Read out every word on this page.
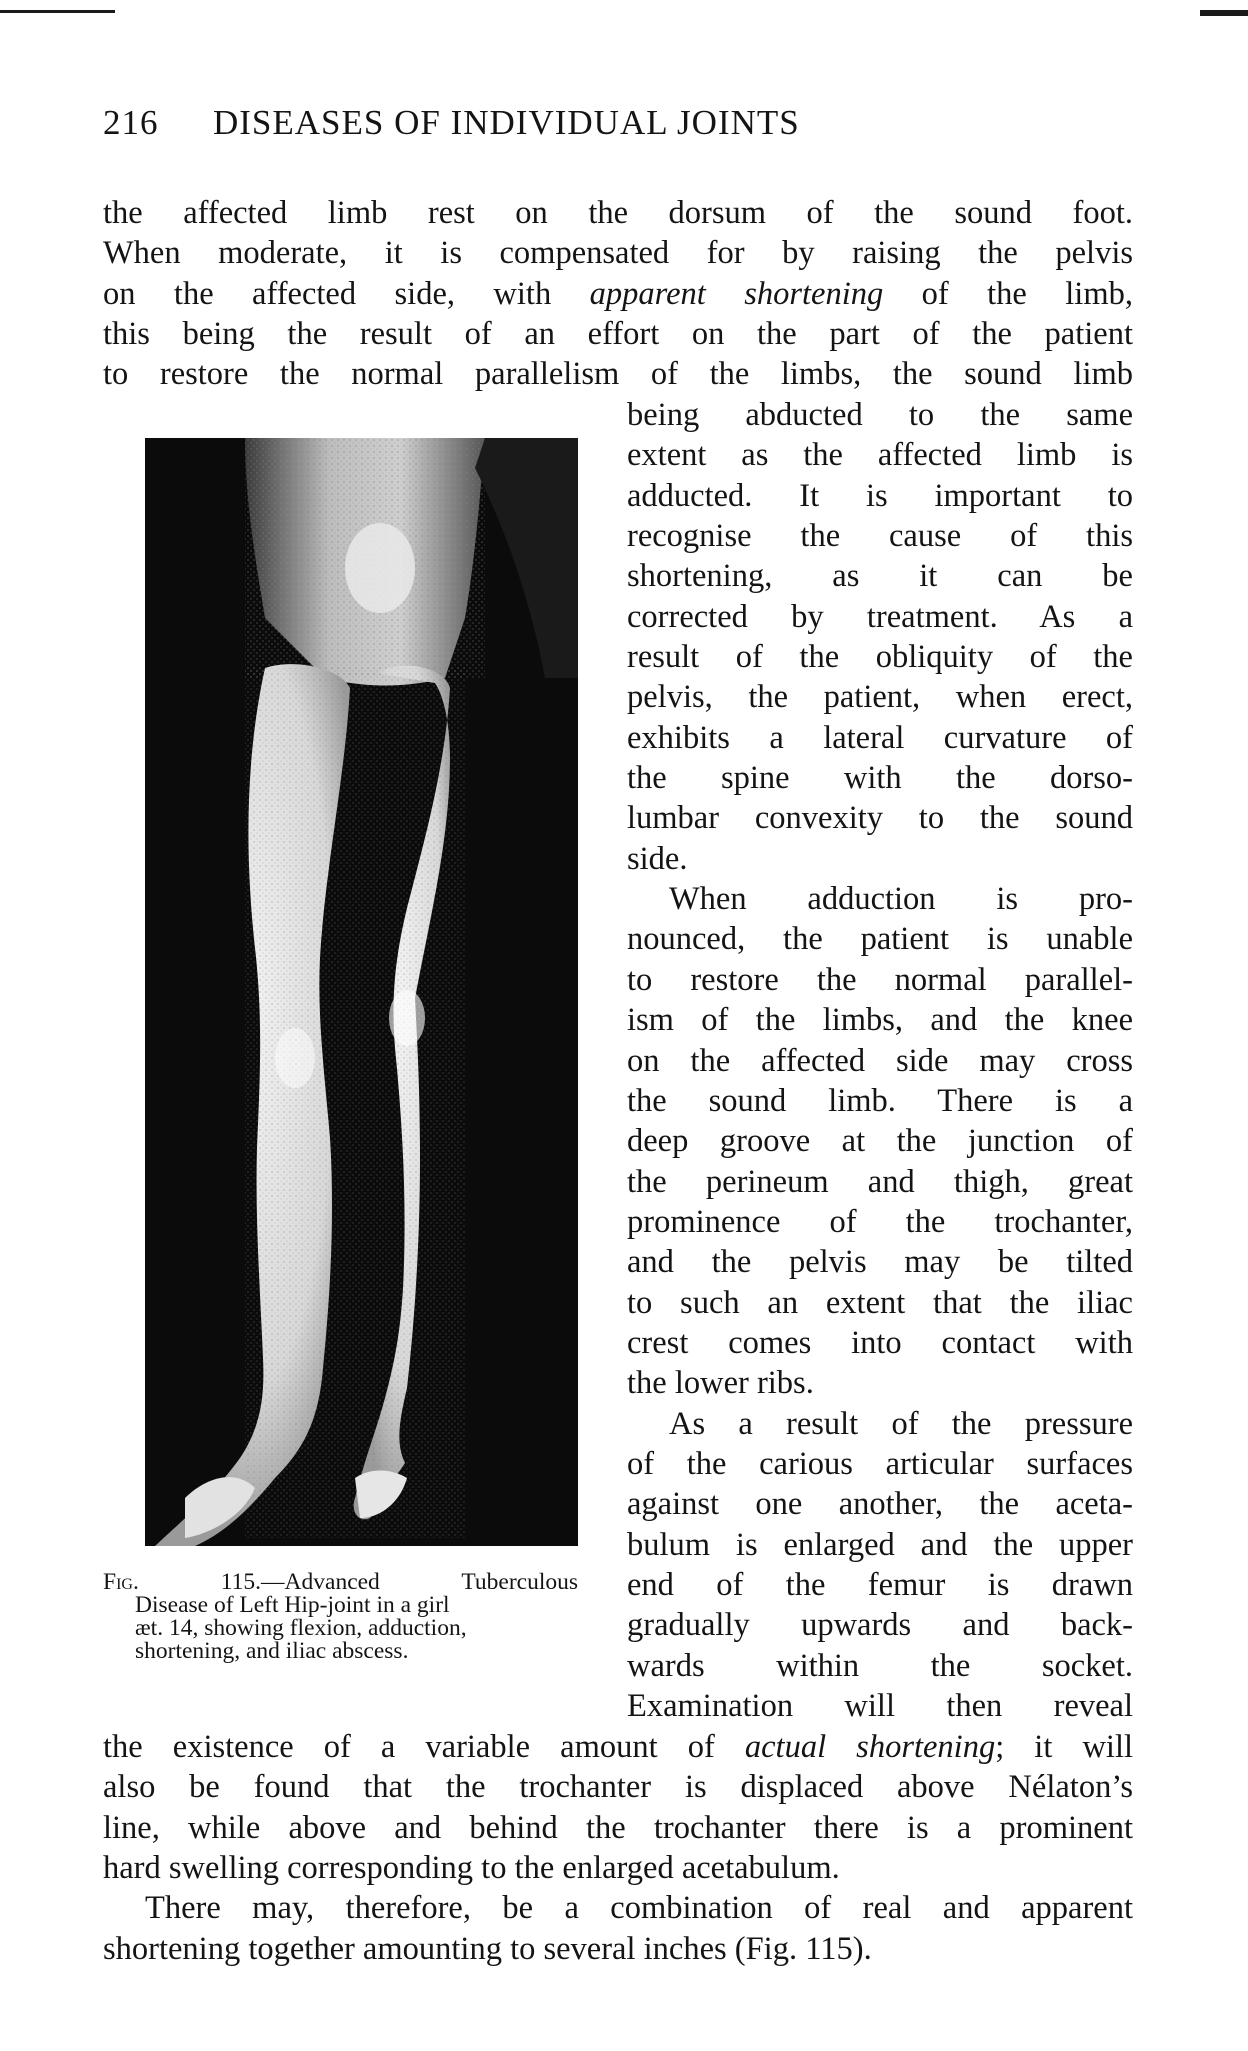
216 DISEASES OF INDIVIDUAL JOINTS
the affected limb rest on the dorsum of the sound foot.
When moderate, it is compensated for by raising the pelvis
on the affected side, with apparent shortening of the limb,
this being the result of an effort on the part of the patient
to restore the normal parallelism of the limbs, the sound limb
being abducted to the same
extent as the affected limb is
adducted. It is important to
recognise the cause of this
shortening, as it can be
corrected by treatment. As a
result of the obliquity of the
pelvis, the patient, when erect,
exhibits a lateral curvature of
the spine with the dorso-
lumbar convexity to the sound
side.
When adduction is pro-
nounced, the patient is unable
to restore the normal parallel-
ism of the limbs, and the knee
on the affected side may cross
the sound limb. There is a
deep groove at the junction of
the perineum and thigh, great
prominence of the trochanter,
and the pelvis may be tilted
to such an extent that the iliac
crest comes into contact with
the lower ribs.
As a result of the pressure
of the carious articular surfaces
against one another, the aceta-
bulum is enlarged and the upper
end of the femur is drawn
gradually upwards and back-
wards within the socket.
Examination will then reveal
Fig. 115.—Advanced Tuberculous
Disease of Left Hip-joint in a girl
æt. 14, showing flexion, adduction,
shortening, and iliac abscess.
the existence of a variable amount of actual shortening; it will
also be found that the trochanter is displaced above Nélaton’s
line, while above and behind the trochanter there is a prominent
hard swelling corresponding to the enlarged acetabulum.
There may, therefore, be a combination of real and apparent
shortening together amounting to several inches (Fig. 115).
